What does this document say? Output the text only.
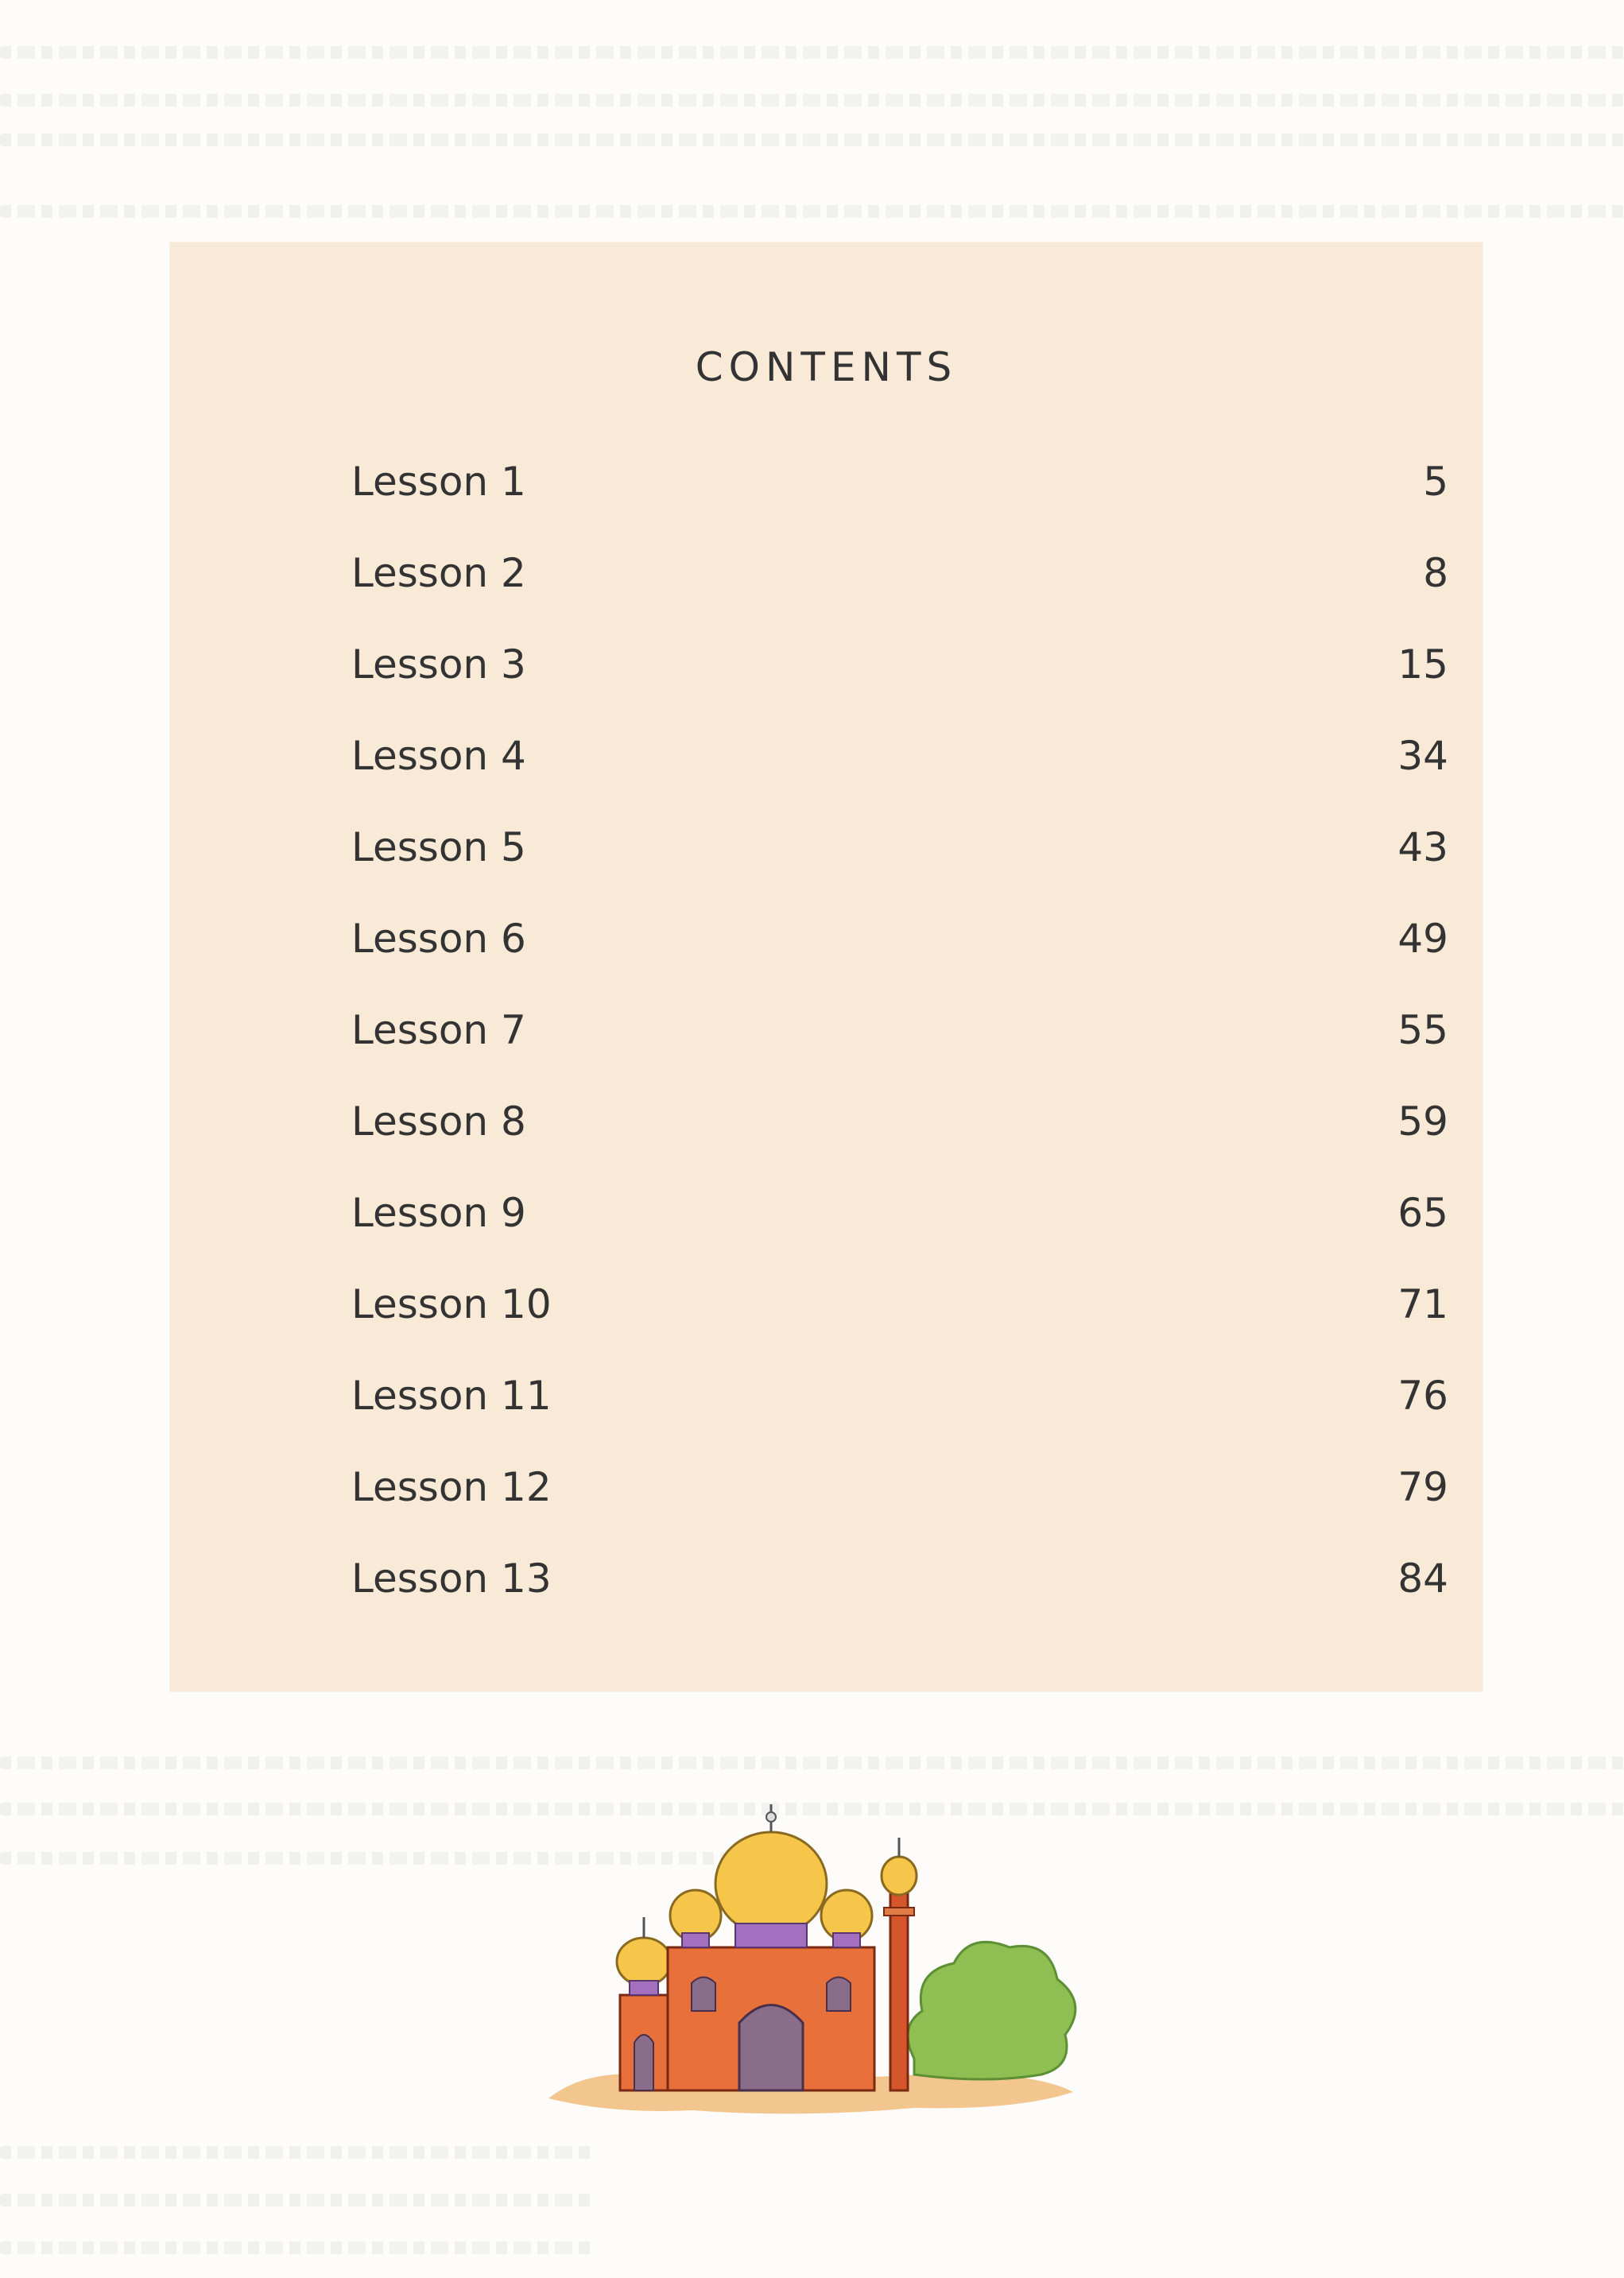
CONTENTS
Lesson 1	5
Lesson 2	8
Lesson 3	15
Lesson 4	34
Lesson 5	43
Lesson 6	49
Lesson 7	55
Lesson 8	59
Lesson 9	65
Lesson 10	71
Lesson 11	76
Lesson 12	79
Lesson 13	84
